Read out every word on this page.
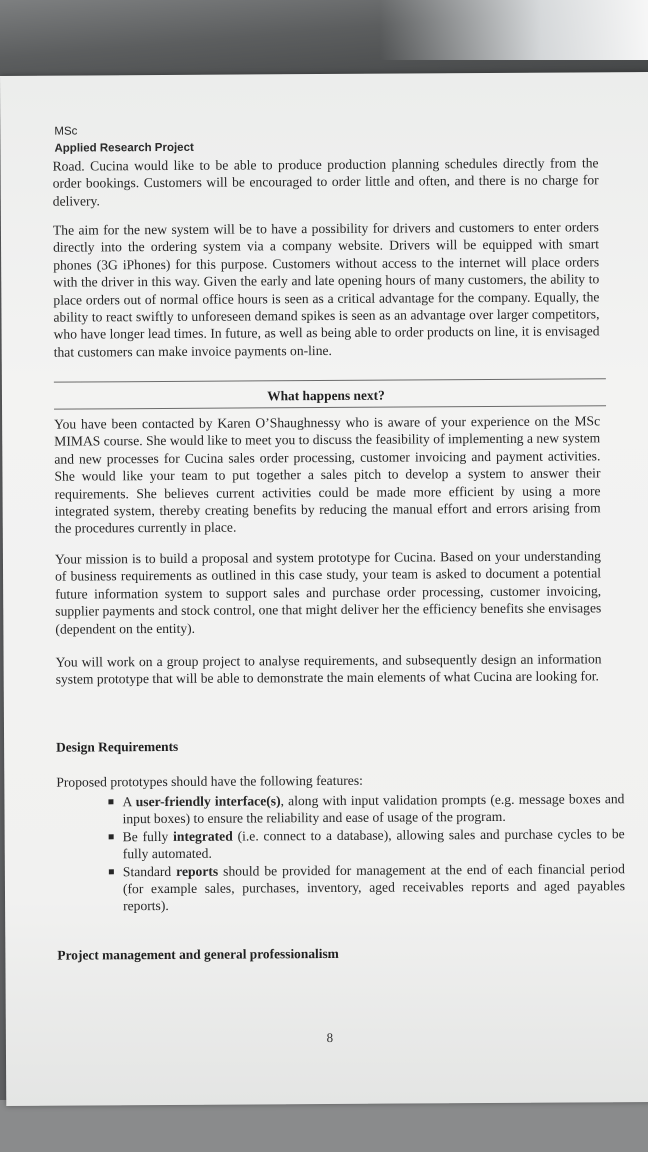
MSc
Applied Research Project

Road. Cucina would like to be able to produce production planning schedules directly from the order bookings. Customers will be encouraged to order little and often, and there is no charge for delivery.

The aim for the new system will be to have a possibility for drivers and customers to enter orders directly into the ordering system via a company website. Drivers will be equipped with smart phones (3G iPhones) for this purpose. Customers without access to the internet will place orders with the driver in this way. Given the early and late opening hours of many customers, the ability to place orders out of normal office hours is seen as a critical advantage for the company. Equally, the ability to react swiftly to unforeseen demand spikes is seen as an advantage over larger competitors, who have longer lead times. In future, as well as being able to order products on line, it is envisaged that customers can make invoice payments on-line.

What happens next?

You have been contacted by Karen O’Shaughnessy who is aware of your experience on the MSc MIMAS course. She would like to meet you to discuss the feasibility of implementing a new system and new processes for Cucina sales order processing, customer invoicing and payment activities. She would like your team to put together a sales pitch to develop a system to answer their requirements. She believes current activities could be made more efficient by using a more integrated system, thereby creating benefits by reducing the manual effort and errors arising from the procedures currently in place.

Your mission is to build a proposal and system prototype for Cucina. Based on your understanding of business requirements as outlined in this case study, your team is asked to document a potential future information system to support sales and purchase order processing, customer invoicing, supplier payments and stock control, one that might deliver her the efficiency benefits she envisages (dependent on the entity).

You will work on a group project to analyse requirements, and subsequently design an information system prototype that will be able to demonstrate the main elements of what Cucina are looking for.

Design Requirements

Proposed prototypes should have the following features:

A user-friendly interface(s), along with input validation prompts (e.g. message boxes and input boxes) to ensure the reliability and ease of usage of the program.
Be fully integrated (i.e. connect to a database), allowing sales and purchase cycles to be fully automated.
Standard reports should be provided for management at the end of each financial period (for example sales, purchases, inventory, aged receivables reports and aged payables reports).
Project management and general professionalism
8
